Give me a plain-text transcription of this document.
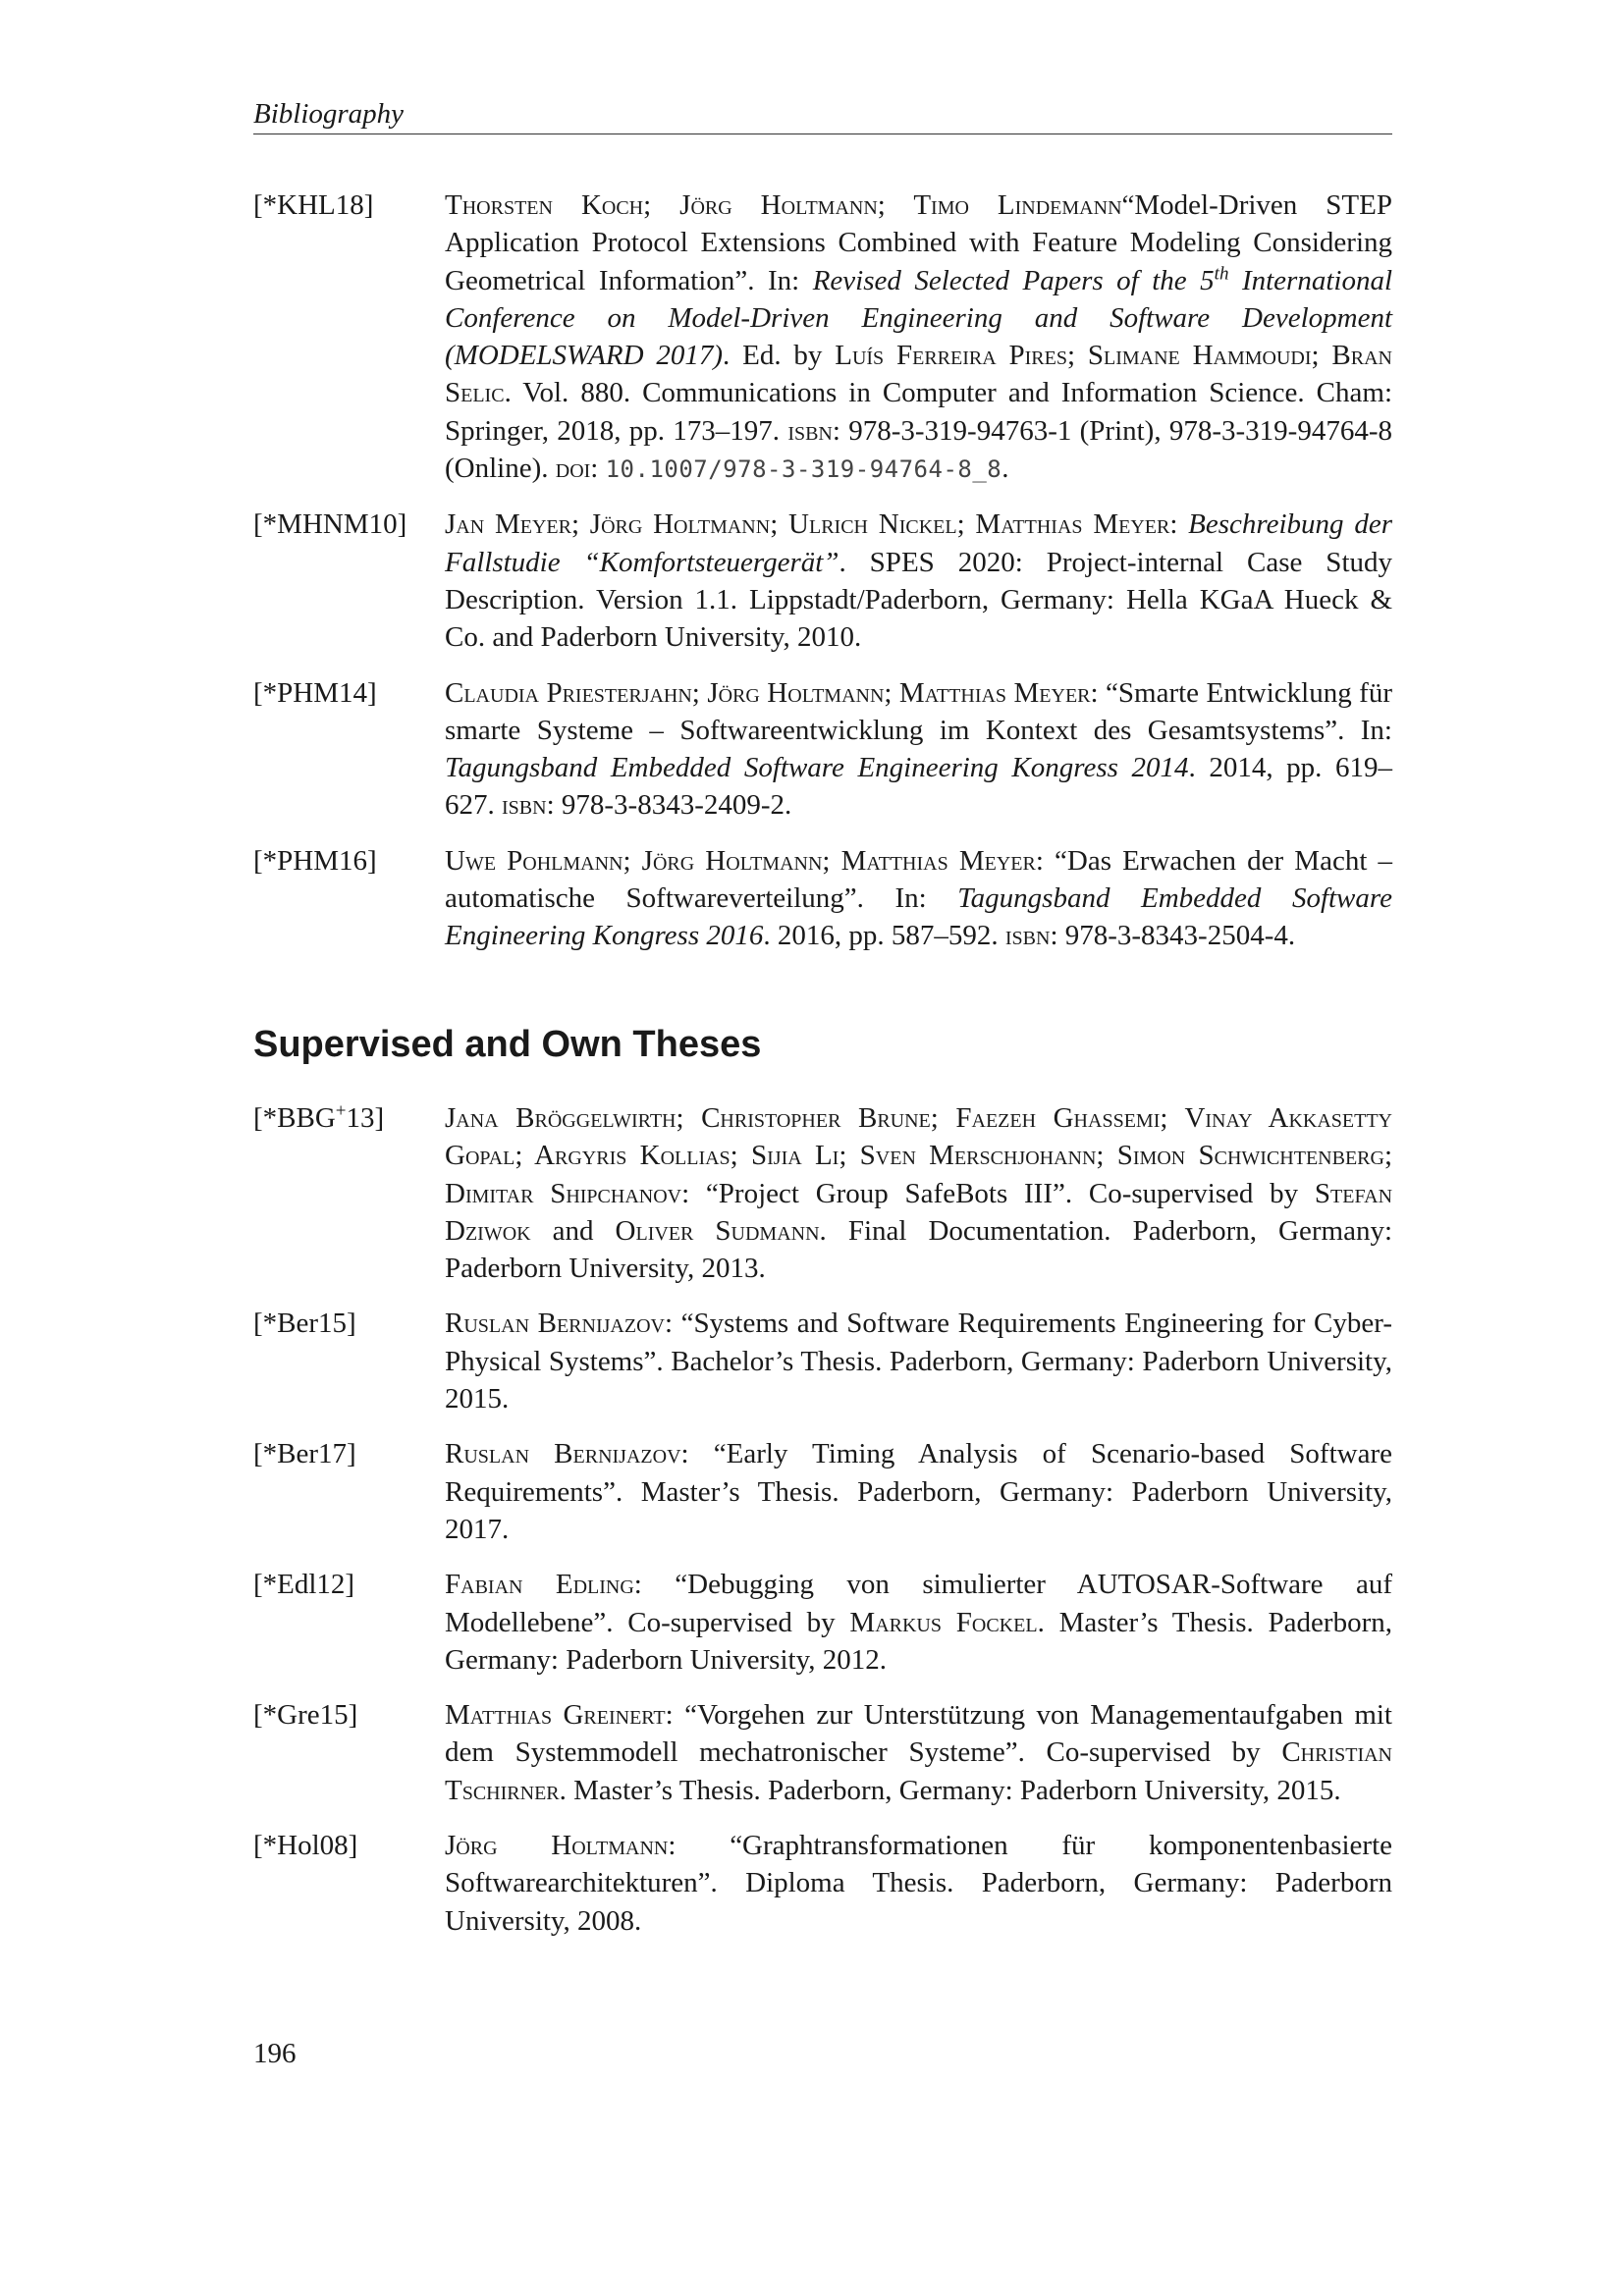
Bibliography
[*KHL18]	Thorsten Koch; Jörg Holtmann; Timo Lindemann“Model-Driven STEP Application Protocol Extensions Combined with Feature Modeling Considering Geometrical Information”. In: Revised Selected Papers of the 5th International Conference on Model-Driven Engineering and Software Development (MODELSWARD 2017). Ed. by Luís Ferreira Pires; Slimane Hammoudi; Bran Selic. Vol. 880. Communications in Computer and Information Science. Cham: Springer, 2018, pp. 173–197. isbn: 978-3-319-94763-1 (Print), 978-3-319-94764-8 (Online). doi: 10.1007/978-3-319-94764-8_8.
[*MHNM10]	Jan Meyer; Jörg Holtmann; Ulrich Nickel; Matthias Meyer: Beschreibung der Fallstudie “Komfortsteuergerät”. SPES 2020: Project-internal Case Study Description. Version 1.1. Lippstadt/Paderborn, Germany: Hella KGaA Hueck & Co. and Paderborn University, 2010.
[*PHM14]	Claudia Priesterjahn; Jörg Holtmann; Matthias Meyer: “Smarte Entwicklung für smarte Systeme – Softwareentwicklung im Kontext des Gesamtsystems”. In: Tagungsband Embedded Software Engineering Kongress 2014. 2014, pp. 619–627. isbn: 978-3-8343-2409-2.
[*PHM16]	Uwe Pohlmann; Jörg Holtmann; Matthias Meyer: “Das Erwachen der Macht – automatische Softwareverteilung”. In: Tagungsband Embedded Software Engineering Kongress 2016. 2016, pp. 587–592. isbn: 978-3-8343-2504-4.
Supervised and Own Theses
[*BBG+13]	Jana Bröggelwirth; Christopher Brune; Faezeh Ghassemi; Vinay Akkasetty Gopal; Argyris Kollias; Sijia Li; Sven Merschjohann; Simon Schwichtenberg; Dimitar Shipchanov: “Project Group SafeBots III”. Co-supervised by Stefan Dziwok and Oliver Sudmann. Final Documentation. Paderborn, Germany: Paderborn University, 2013.
[*Ber15]	Ruslan Bernijazov: “Systems and Software Requirements Engineering for Cyber-Physical Systems”. Bachelor’s Thesis. Paderborn, Germany: Paderborn University, 2015.
[*Ber17]	Ruslan Bernijazov: “Early Timing Analysis of Scenario-based Software Requirements”. Master’s Thesis. Paderborn, Germany: Paderborn University, 2017.
[*Edl12]	Fabian Edling: “Debugging von simulierter AUTOSAR-Software auf Modellebene”. Co-supervised by Markus Fockel. Master’s Thesis. Paderborn, Germany: Paderborn University, 2012.
[*Gre15]	Matthias Greinert: “Vorgehen zur Unterstützung von Managementaufgaben mit dem Systemmodell mechatronischer Systeme”. Co-supervised by Christian Tschirner. Master’s Thesis. Paderborn, Germany: Paderborn University, 2015.
[*Hol08]	Jörg Holtmann: “Graphtransformationen für komponentenbasierte Softwarearchitekturen”. Diploma Thesis. Paderborn, Germany: Paderborn University, 2008.
196
